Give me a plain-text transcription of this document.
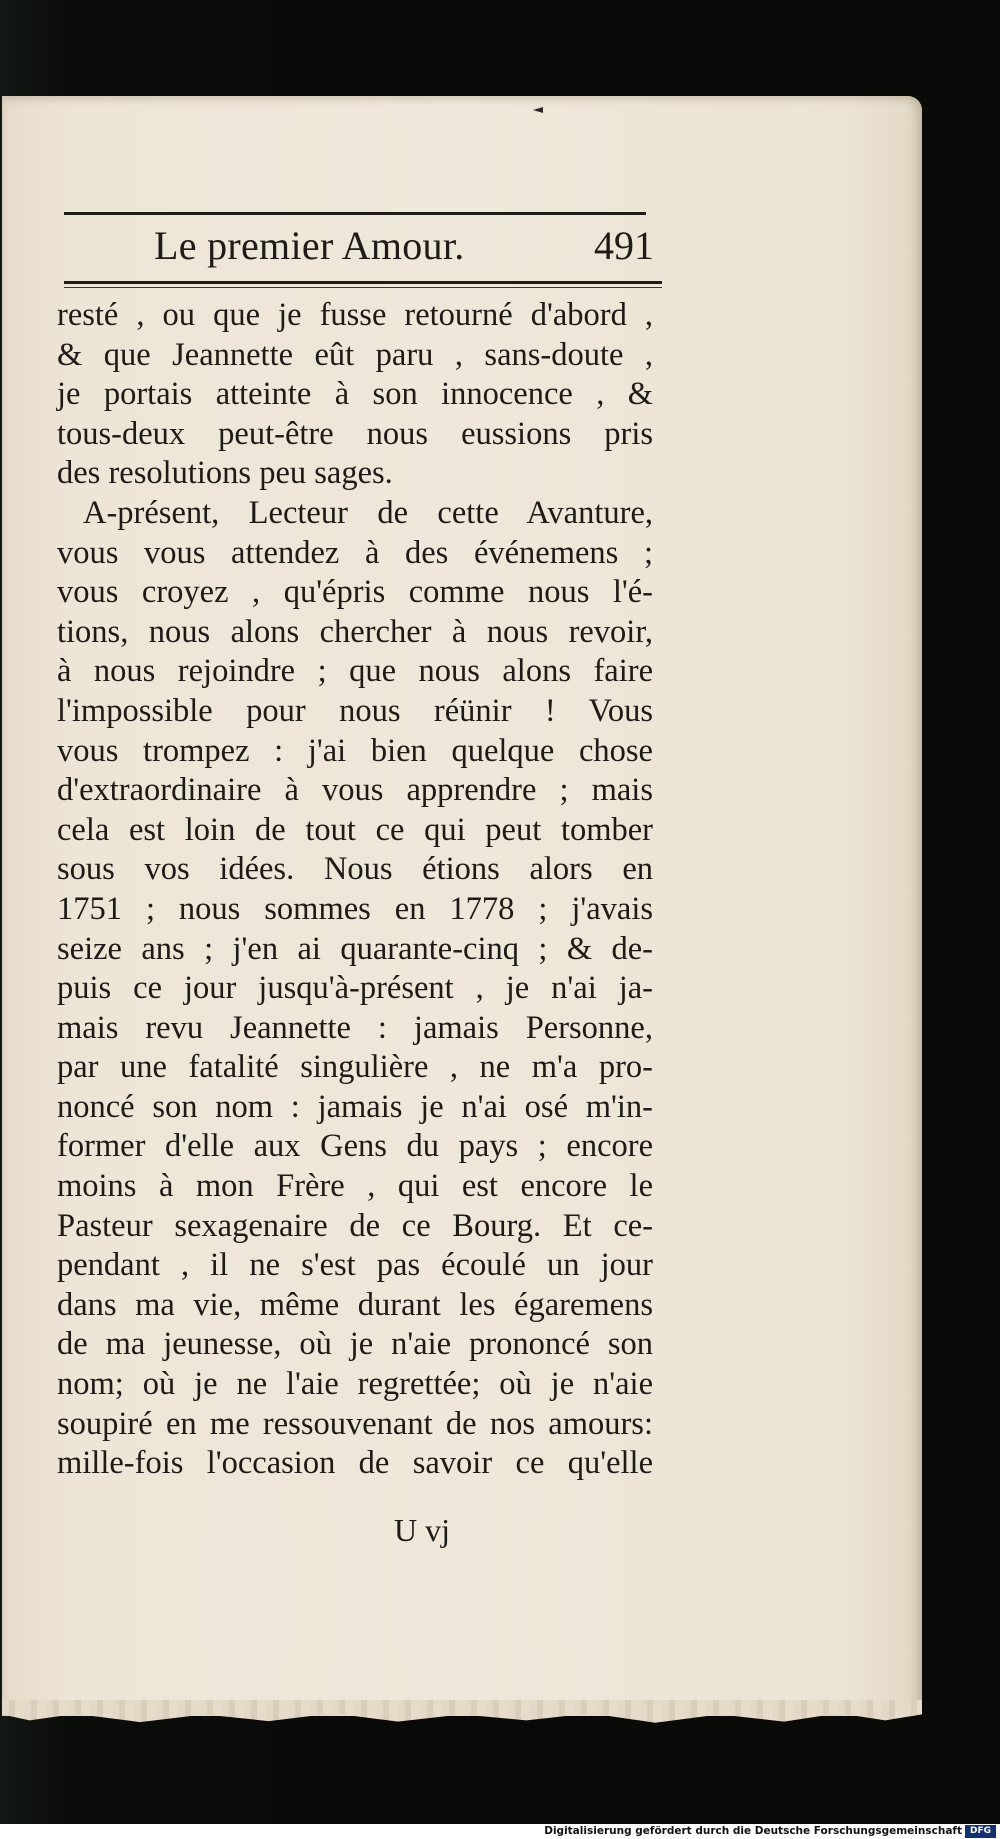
Le premier Amour.	491
resté , ou que je fusse retourné d'abord ,
& que Jeannette eût paru , sans-doute ,
je portais atteinte à son innocence , &
tous-deux peut-être nous eussions pris
des resolutions peu sages.
A-présent, Lecteur de cette Avanture,
vous vous attendez à des événemens ;
vous croyez , qu'épris comme nous l'é-
tions, nous alons chercher à nous revoir,
à nous rejoindre ; que nous alons faire
l'impossible pour nous réünir ! Vous
vous trompez : j'ai bien quelque chose
d'extraordinaire à vous apprendre ; mais
cela est loin de tout ce qui peut tomber
sous vos idées. Nous étions alors en
1751 ; nous sommes en 1778 ; j'avais
seize ans ; j'en ai quarante-cinq ; & de-
puis ce jour jusqu'à-présent , je n'ai ja-
mais revu Jeannette : jamais Personne,
par une fatalité singulière , ne m'a pro-
noncé son nom : jamais je n'ai osé m'in-
former d'elle aux Gens du pays ; encore
moins à mon Frère , qui est encore le
Pasteur sexagenaire de ce Bourg. Et ce-
pendant , il ne s'est pas écoulé un jour
dans ma vie, même durant les égaremens
de ma jeunesse, où je n'aie prononcé son
nom; où je ne l'aie regrettée; où je n'aie
soupiré en me ressouvenant de nos amours:
mille-fois l'occasion de savoir ce qu'elle
U vj
Digitalisierung gefördert durch die Deutsche Forschungsgemeinschaft DFG
